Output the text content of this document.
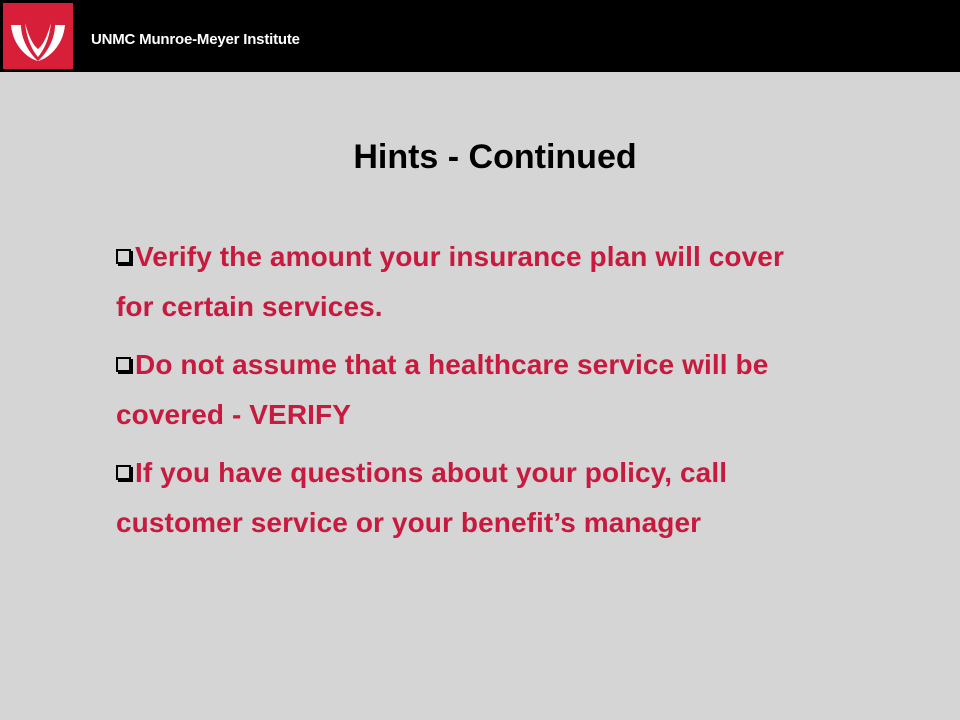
UNMC Munroe-Meyer Institute
Hints - Continued
Verify the amount your insurance plan will cover
for certain services.
Do not assume that a healthcare service will be
covered - VERIFY
If you have questions about your policy, call
customer service or your benefit’s manager
